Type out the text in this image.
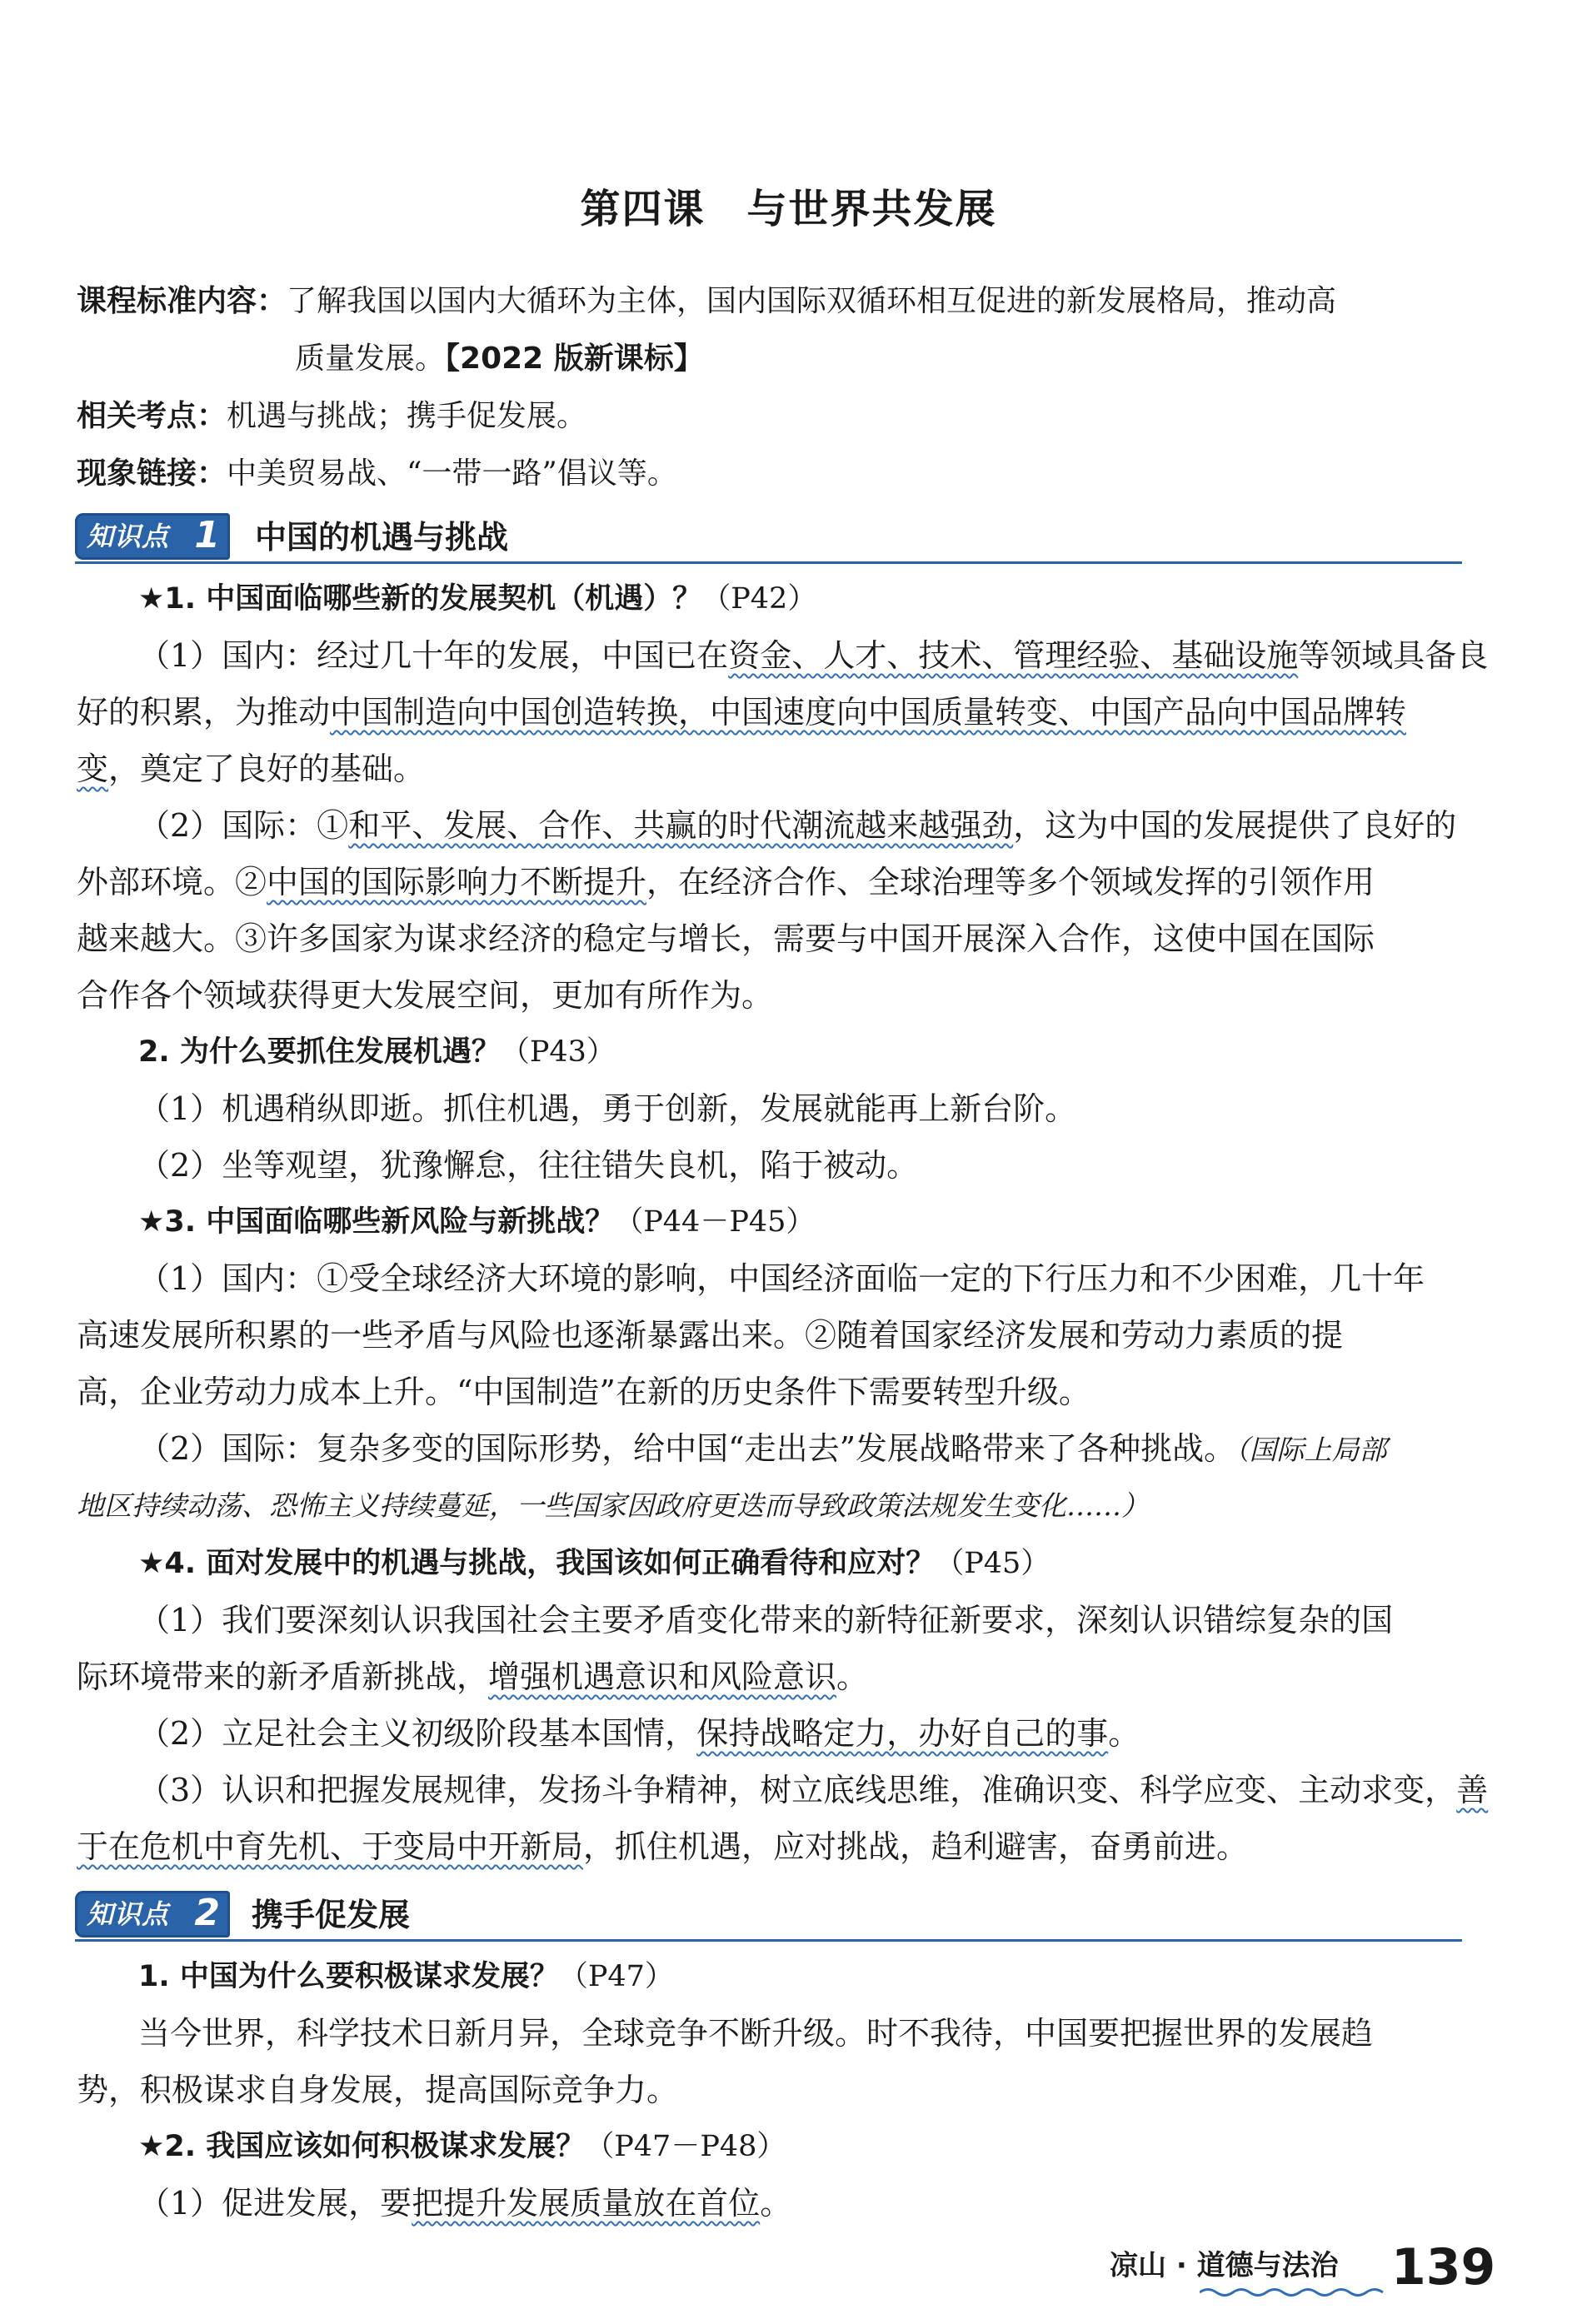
第四课　与世界共发展
课程标准内容：了解我国以国内大循环为主体，国内国际双循环相互促进的新发展格局，推动高
质量发展。【2022 版新课标】
相关考点：机遇与挑战；携手促发展。
现象链接：中美贸易战、“一带一路”倡议等。
知识点 1 中国的机遇与挑战
★1. 中国面临哪些新的发展契机（机遇）？（P42）
（1）国内：经过几十年的发展，中国已在资金、人才、技术、管理经验、基础设施等领域具备良
好的积累，为推动中国制造向中国创造转换，中国速度向中国质量转变、中国产品向中国品牌转
变，奠定了良好的基础。
（2）国际：①和平、发展、合作、共赢的时代潮流越来越强劲，这为中国的发展提供了良好的
外部环境。②中国的国际影响力不断提升，在经济合作、全球治理等多个领域发挥的引领作用
越来越大。③许多国家为谋求经济的稳定与增长，需要与中国开展深入合作，这使中国在国际
合作各个领域获得更大发展空间，更加有所作为。
2. 为什么要抓住发展机遇？（P43）
（1）机遇稍纵即逝。抓住机遇，勇于创新，发展就能再上新台阶。
（2）坐等观望，犹豫懈怠，往往错失良机，陷于被动。
★3. 中国面临哪些新风险与新挑战？（P44－P45）
（1）国内：①受全球经济大环境的影响，中国经济面临一定的下行压力和不少困难，几十年
高速发展所积累的一些矛盾与风险也逐渐暴露出来。②随着国家经济发展和劳动力素质的提
高，企业劳动力成本上升。“中国制造”在新的历史条件下需要转型升级。
（2）国际：复杂多变的国际形势，给中国“走出去”发展战略带来了各种挑战。（国际上局部
地区持续动荡、恐怖主义持续蔓延，一些国家因政府更迭而导致政策法规发生变化……）
★4. 面对发展中的机遇与挑战，我国该如何正确看待和应对？（P45）
（1）我们要深刻认识我国社会主要矛盾变化带来的新特征新要求，深刻认识错综复杂的国
际环境带来的新矛盾新挑战，增强机遇意识和风险意识。
（2）立足社会主义初级阶段基本国情，保持战略定力，办好自己的事。
（3）认识和把握发展规律，发扬斗争精神，树立底线思维，准确识变、科学应变、主动求变，善
于在危机中育先机、于变局中开新局，抓住机遇，应对挑战，趋利避害，奋勇前进。
知识点 2 携手促发展
1. 中国为什么要积极谋求发展？（P47）
当今世界，科学技术日新月异，全球竞争不断升级。时不我待，中国要把握世界的发展趋
势，积极谋求自身发展，提高国际竞争力。
★2. 我国应该如何积极谋求发展？（P47－P48）
（1）促进发展，要把提升发展质量放在首位。
凉山 · 道德与法治 139
